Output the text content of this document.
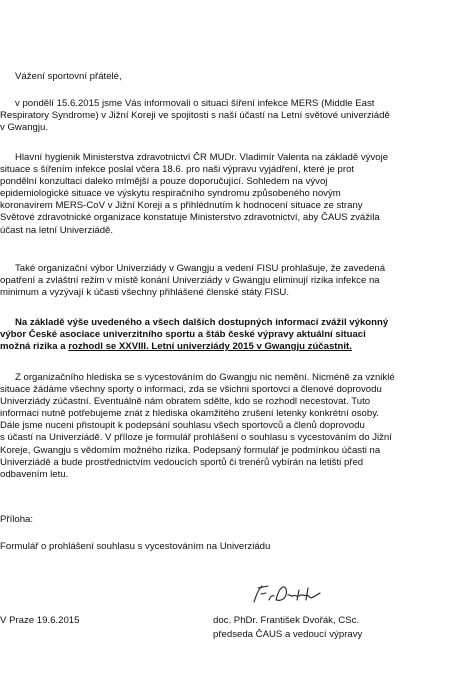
Vážení sportovní přátelé,

v pondělí 15.6.2015 jsme Vás informovali o situaci šíření infekce MERS (Middle East
Respiratory Syndrome) v Jižní Koreji ve spojitosti s naší účastí na Letní světové univerziádě
v Gwangju.

Hlavní hygienik Ministerstva zdravotnictví ČR MUDr. Vladimír Valenta na základě vývoje
situace s šířením infekce poslal včera 18.6. pro naši výpravu vyjádření, které je prot
pondělní konzultaci daleko mímější a pouze doporučující. Sohledem na vývoj
epidemiologické situace ve výskytu respiračního syndromu způsobeného novým
koronavirem MERS-CoV v Jižní Koreji a s přihlédnutím k hodnocení situace ze strany
Světové zdravotnické organizace konstatuje Ministerstvo zdravotnictví, aby ČAUS zvážila
účast na letní Univerziádě.

Také organizační výbor Univerziády v Gwangju a vedení FISU prohlašuje, že zavedená
opatření a zvláštní režim v místě konání Univerziády v Gwangju eliminují rizika infekce na
minimum a vyzývají k účasti všechny přihlášené členské státy FISU.

Na základě výše uvedeného a všech dalších dostupných informací zvážil výkonný
výbor České asociace univerzitního sportu a štáb české výpravy aktuální situaci
možná rizika a rozhodl se XXVIII. Letní univerziády 2015 v Gwangju zúčastnit.

Z organizačního hlediska se s vycestováním do Gwangju nic nemění. Nicméně za vzniklé
situace žádáme všechny sporty o informaci, zda se všichni sportovci a členové doprovodu
Univerziády zúčastní. Eventuálně nám obratem sdělte, kdo se rozhodl necestovat. Tuto
informaci nutně potřebujeme znát z hlediska okamžitého zrušení letenky konkrétní osoby.
Dále jsme nuceni přistoupit k podepsání souhlasu všech sportovců a členů doprovodu
s účastí na Univerziádě. V příloze je formulář prohlášení o souhlasu s vycestováním do Jižní
Koreje, Gwangju s vědomím možného rizika. Podepsaný formulář je podmínkou účasti na
Univerziádě a bude prostřednictvím vedoucích sportů či trenérů vybírán na letišti před
odbavením letu.

Příloha:

Formulář o prohlášení souhlasu s vycestováním na Univerziádu

V Praze 19.6.2015	doc. PhDr. František Dvořák, CSc.

předseda ČAUS a vedoucí výpravy
